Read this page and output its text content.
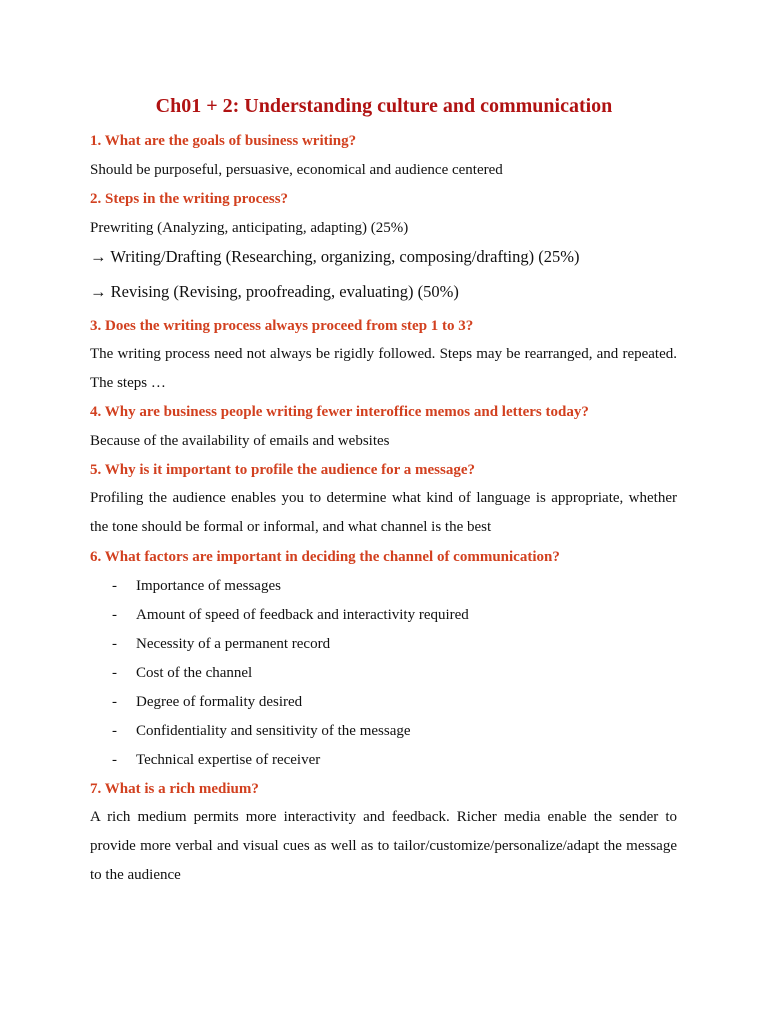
Ch01 + 2: Understanding culture and communication
1. What are the goals of business writing?
Should be purposeful, persuasive, economical and audience centered
2. Steps in the writing process?
Prewriting (Analyzing, anticipating, adapting) (25%)
→ Writing/Drafting (Researching, organizing, composing/drafting) (25%)
→ Revising (Revising, proofreading, evaluating) (50%)
3. Does the writing process always proceed from step 1 to 3?
The writing process need not always be rigidly followed. Steps may be rearranged, and repeated. The steps …
4. Why are business people writing fewer interoffice memos and letters today?
Because of the availability of emails and websites
5. Why is it important to profile the audience for a message?
Profiling the audience enables you to determine what kind of language is appropriate, whether the tone should be formal or informal, and what channel is the best
6. What factors are important in deciding the channel of communication?
- Importance of messages
- Amount of speed of feedback and interactivity required
- Necessity of a permanent record
- Cost of the channel
- Degree of formality desired
- Confidentiality and sensitivity of the message
- Technical expertise of receiver
7. What is a rich medium?
A rich medium permits more interactivity and feedback. Richer media enable the sender to provide more verbal and visual cues as well as to tailor/customize/personalize/adapt the message to the audience
